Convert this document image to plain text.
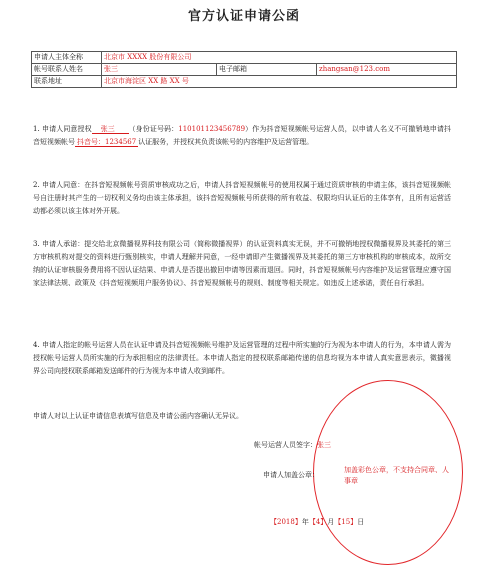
官方认证申请公函
申请人主体全称	北京市 XXXX 股份有限公司		
帐号联系人姓名	张三	电子邮箱	zhangsan@123.com
联系地址	北京市海淀区 XX 路 XX 号		

1. 申请人同意授权 张三 （身份证号码：110101123456789）作为抖音短视频帐号运营人员，以申请人名义不可撤销地申请抖音短视频帐号 抖音号：1234567 认证服务，并授权其负责该帐号的内容维护及运营管理。

2. 申请人同意：在抖音短视频帐号资质审核成功之后，申请人抖音短视频帐号的使用权属于通过资质审核的申请主体，该抖音短视频帐号自注册时其产生的一切权利义务均由该主体承担，该抖音短视频帐号所获得的所有收益、权限均归认证后的主体享有，且所有运营活动都必须以该主体对外开展。

3. 申请人承诺：提交给北京微播视界科技有限公司（简称微播视界）的认证资料真实无误，并不可撤销地授权微播视界及其委托的第三方审核机构对提交的资料进行甄别核实，申请人理解并同意，一经申请即产生微播视界及其委托的第三方审核机构的审核成本，故所交纳的认证审核服务费用将不因认证结果、申请人是否提出撤回申请等因素而退回。同时，抖音短视频帐号内容维护及运营管理应遵守国家法律法规、政策及《抖音短视频用户服务协议》、抖音短视频帐号的规则、制度等相关规定。如违反上述承诺，责任自行承担。

4. 申请人指定的帐号运营人员在认证申请及抖音短视频帐号维护及运营管理的过程中所实施的行为视为本申请人的行为，本申请人需为授权帐号运营人员所实施的行为承担相应的法律责任。本申请人指定的授权联系邮箱传递的信息均视为本申请人真实意思表示，微播视界公司向授权联系邮箱发送邮件的行为视为本申请人收到邮件。

申请人对以上认证申请信息表填写信息及申请公函内容确认无异议。

帐号运营人员签字：张三
申请人加盖公章：
加盖彩色公章，不支持合同章、人事章
【2018】年【4】月【15】日
